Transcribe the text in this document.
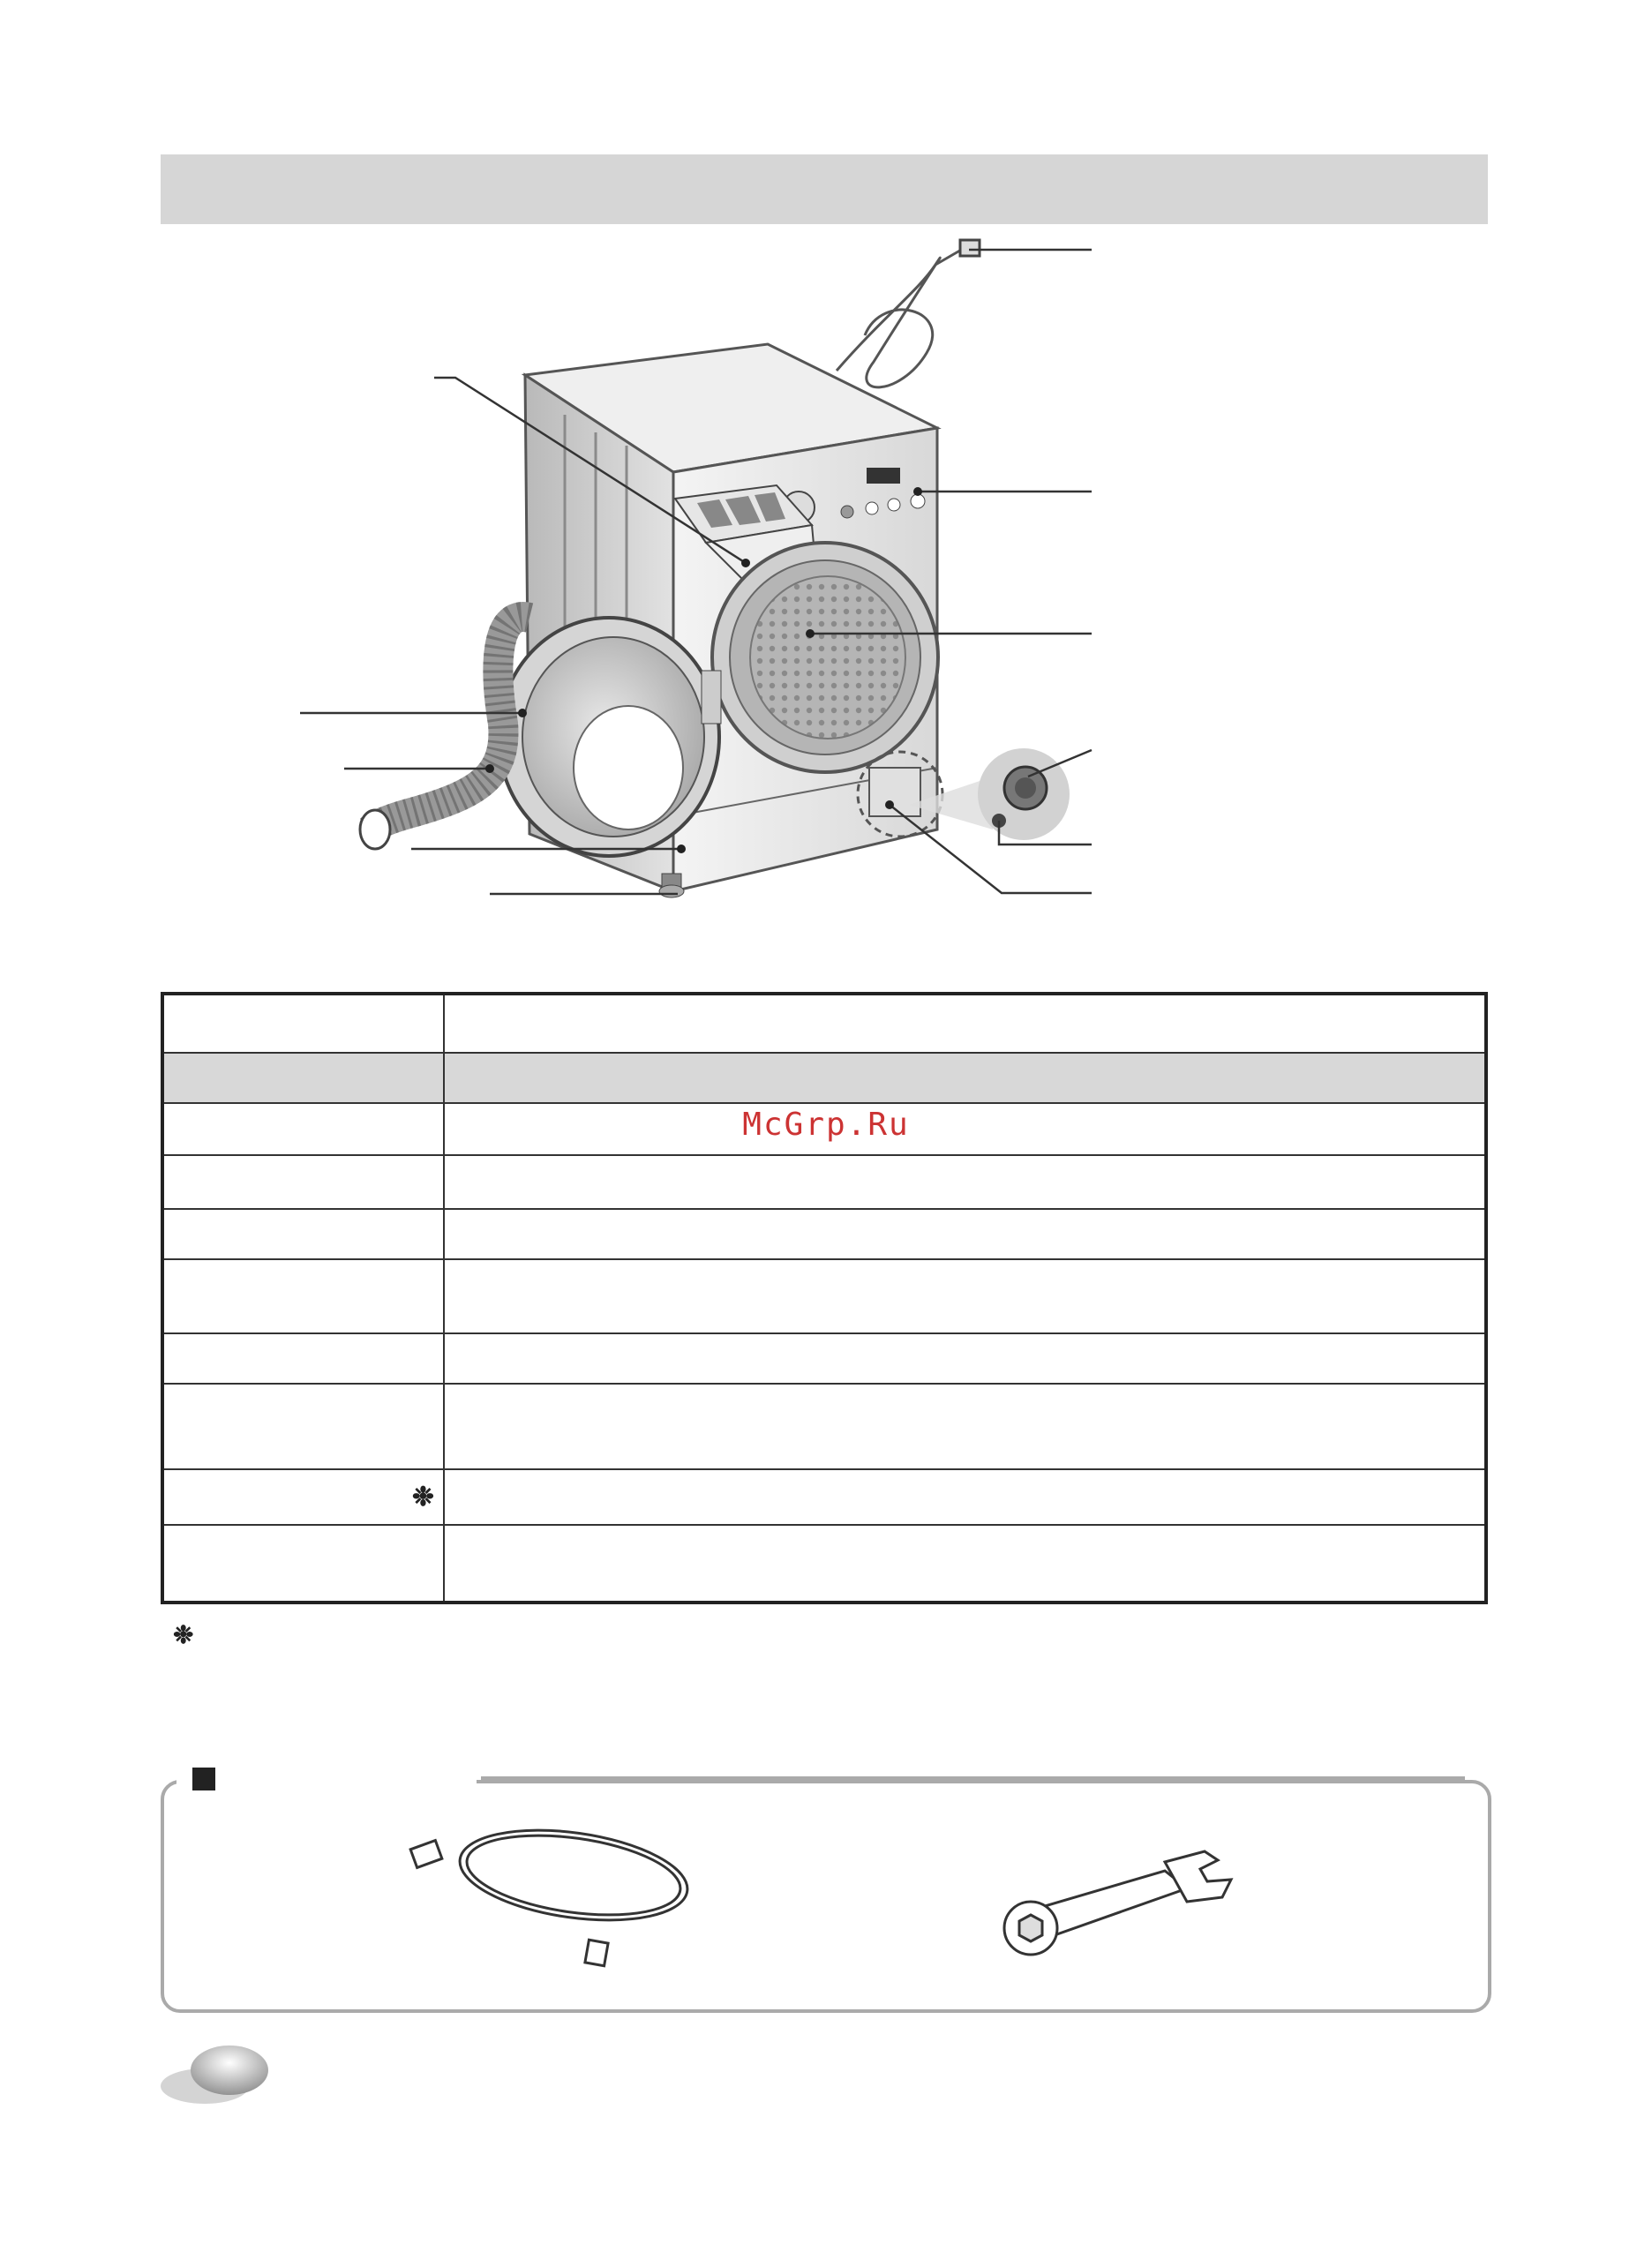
❉	

McGrp.Ru
❉
